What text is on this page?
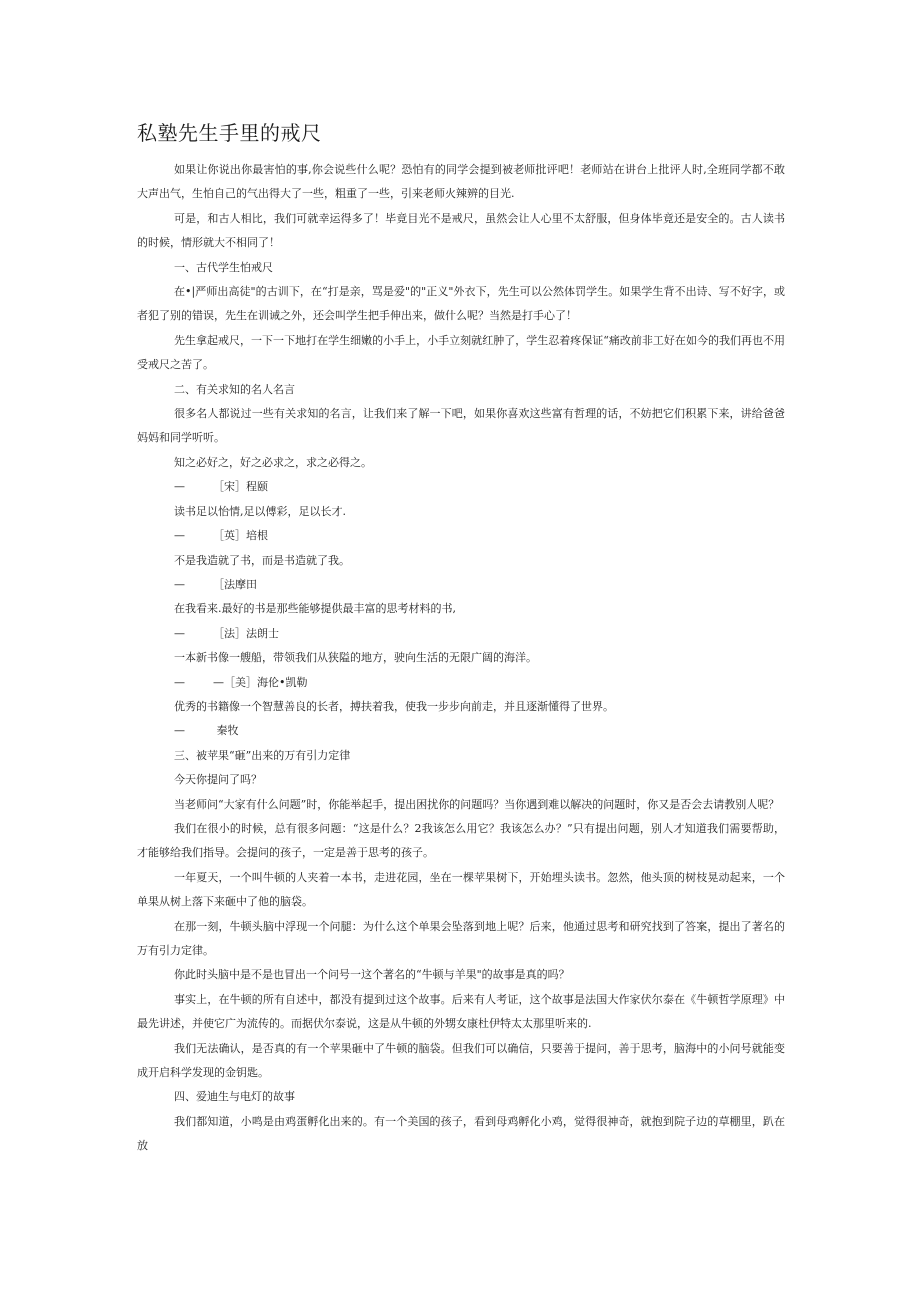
私塾先生手里的戒尺

如果让你说出你最害怕的事,你会说些什么呢？恐怕有的同学会提到被老师批评吧！老师站在讲台上批评人时,全班同学都不敢大声出气，生怕自己的气出得大了一些，粗重了一些，引来老师火辣辨的目光.

可是，和古人相比，我们可就幸运得多了！毕竟目光不是戒尺，虽然会让人心里不太舒服，但身体毕竟还是安全的。古人读书的时候，情形就大不相同了！

一、古代学生怕戒尺

在•|严师出高徒"的古训下，在“打是亲，骂是爱"的"正义"外衣下，先生可以公然体罚学生。如果学生背不出诗、写不好字，或者犯了别的错误，先生在训诫之外，还会叫学生把手伸出来，做什么呢？当然是打手心了！

先生拿起戒尺，一下一下地打在学生细嫩的小手上，小手立刻就红肿了，学生忍着疼保证“痛改前非工好在如今的我们再也不用受戒尺之苦了。

二、有关求知的名人名言

很多名人都说过一些有关求知的名言，让我们来了解一下吧，如果你喜欢这些富有哲理的话，不妨把它们积累下来，讲给爸爸妈妈和同学听听。

知之必好之，好之必求之，求之必得之。

—        ［宋］程颐

读书足以怡情,足以傅彩，足以长才.

—        ［英］培根

不是我造就了书，而是书造就了我。

—        ［法摩田

在我看来.最好的书是那些能够提供最丰富的思考材料的书,

—        ［法］法朗士

一本新书像一艘船，带领我们从狭隘的地方，驶向生活的无限广阔的海洋。

—        —［美］海伦•凯勒

优秀的书籍像一个智慧善良的长者，搏扶着我，使我一步步向前走，并且逐渐懂得了世界。

—         秦牧

三、被苹果“砸”出来的万有引力定律

今天你提问了吗？

当老师问“大家有什么问题”时，你能举起手，提出困扰你的问题吗？当你遇到难以解决的问题时，你又是否会去请教别人呢？

我们在很小的时候，总有很多问题：“这是什么？2我该怎么用它？我该怎么办？”只有提出问题，别人才知道我们需要帮助，才能够给我们指导。会提问的孩子，一定是善于思考的孩子。

一年夏天，一个叫牛顿的人夹着一本书，走进花园，坐在一棵苹果树下，开始埋头读书。忽然，他头顶的树枝晃动起来，一个单果从树上落下来砸中了他的脑袋。

在那一刻，牛顿头脑中浮现一个问腿：为什么这个单果会坠落到地上呢？后来，他通过思考和研究找到了答案，提出了著名的万有引力定律。

你此时头脑中是不是也冒出一个问号一这个著名的“牛顿与羊果"的故事是真的吗？

事实上，在牛顿的所有自述中，都没有提到过这个故事。后来有人考证，这个故事是法国大作家伏尔泰在《牛顿哲学原理》中最先讲述，并使它广为流传的。而据伏尔泰说，这是从牛顿的外甥女康杜伊特太太那里听来的.

我们无法确认，是否真的有一个苹果砸中了牛顿的脑袋。但我们可以确信，只要善于提问，善于思考，脑海中的小问号就能变成开启科学发现的金钥匙。

四、爱迪生与电灯的故事

我们都知道，小鸣是由鸡蛋孵化出来的。有一个美国的孩子，看到母鸡孵化小鸡，觉得很神奇，就抱到院子边的草棚里，趴在放
